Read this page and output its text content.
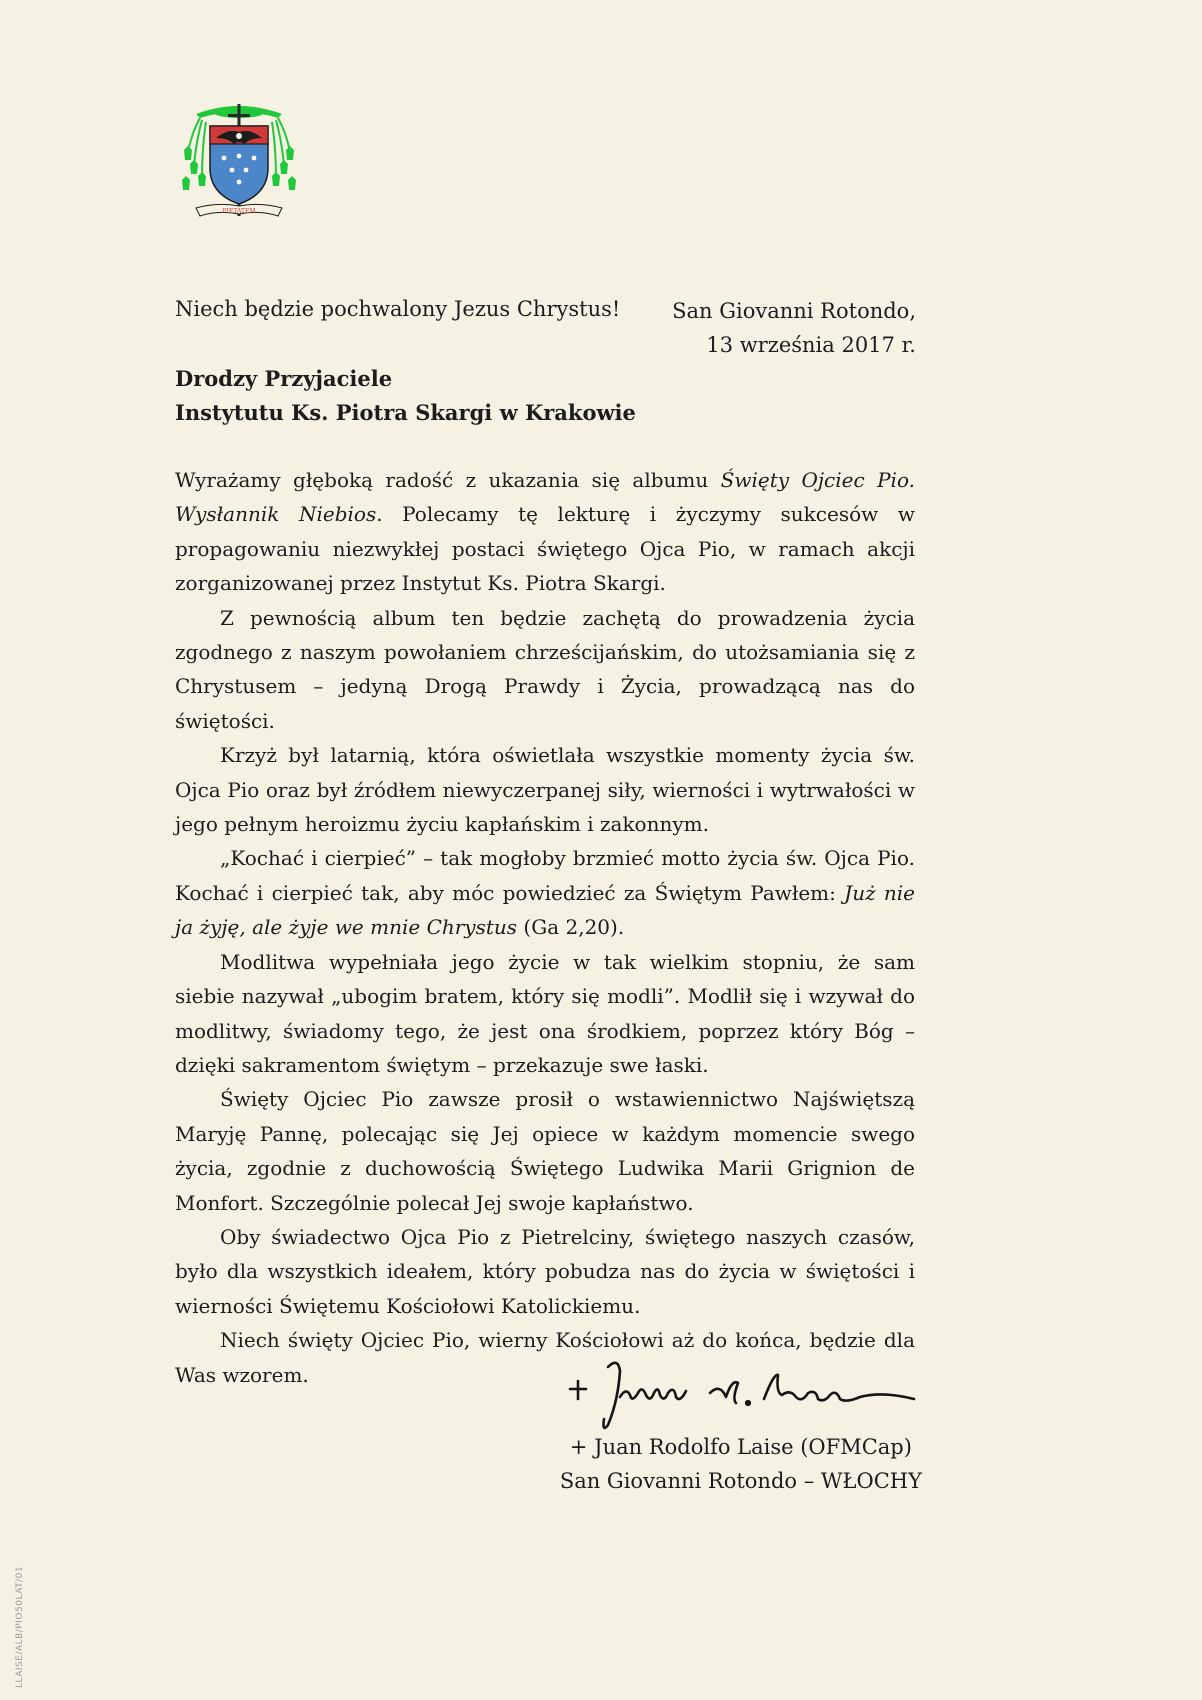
PIETATEM
Niech będzie pochwalony Jezus Chrystus! San Giovanni Rotondo,
13 września 2017 r.
Drodzy Przyjaciele
Instytutu Ks. Piotra Skargi w Krakowie

Wyrażamy głęboką radość z ukazania się albumu Święty Ojciec Pio. Wysłannik Niebios. Polecamy tę lekturę i życzymy sukcesów w propagowaniu niezwykłej postaci świętego Ojca Pio, w ramach akcji zorganizowanej przez Instytut Ks. Piotra Skargi.

Z pewnością album ten będzie zachętą do prowadzenia życia zgodnego z naszym powołaniem chrześcijańskim, do utożsamiania się z Chrystusem – jedyną Drogą Prawdy i Życia, prowadzącą nas do świętości.

Krzyż był latarnią, która oświetlała wszystkie momenty życia św. Ojca Pio oraz był źródłem niewyczerpanej siły, wierności i wytrwałości w jego pełnym heroizmu życiu kapłańskim i zakonnym.

„Kochać i cierpieć” – tak mogłoby brzmieć motto życia św. Ojca Pio. Kochać i cierpieć tak, aby móc powiedzieć za Świętym Pawłem: Już nie ja żyję, ale żyje we mnie Chrystus (Ga 2,20).

Modlitwa wypełniała jego życie w tak wielkim stopniu, że sam siebie nazywał „ubogim bratem, który się modli”. Modlił się i wzywał do modlitwy, świadomy tego, że jest ona środkiem, poprzez który Bóg – dzięki sakramentom świętym – przekazuje swe łaski.

Święty Ojciec Pio zawsze prosił o wstawiennictwo Najświętszą Maryję Pannę, polecając się Jej opiece w każdym momencie swego życia, zgodnie z duchowością Świętego Ludwika Marii Grignion de Monfort. Szczególnie polecał Jej swoje kapłaństwo.

Oby świadectwo Ojca Pio z Pietrelciny, świętego naszych czasów, było dla wszystkich ideałem, który pobudza nas do życia w świętości i wierności Świętemu Kościołowi Katolickiemu.

Niech święty Ojciec Pio, wierny Kościołowi aż do końca, będzie dla Was wzorem.

+ Juan Rodolfo Laise (OFMCap)
San Giovanni Rotondo – WŁOCHY
LLAISE/ALB/PIO50LAT/01
